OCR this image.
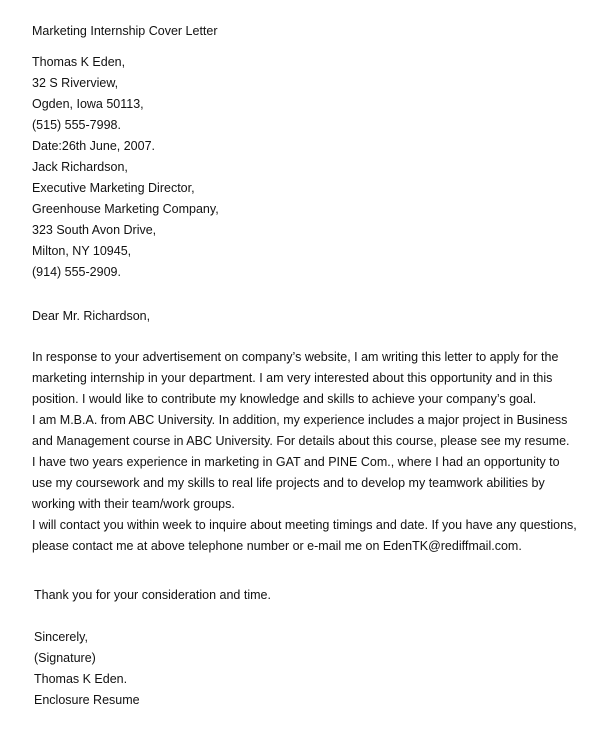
Marketing Internship Cover Letter
Thomas K Eden,
32 S Riverview,
Ogden, Iowa 50113,
(515) 555-7998.
Date:26th June, 2007.
Jack Richardson,
Executive Marketing Director,
Greenhouse Marketing Company,
323 South Avon Drive,
Milton, NY 10945,
(914) 555-2909.
Dear Mr. Richardson,
In response to your advertisement on company’s website, I am writing this letter to apply for the
marketing internship in your department. I am very interested about this opportunity and in this
position. I would like to contribute my knowledge and skills to achieve your company’s goal.
I am M.B.A. from ABC University. In addition, my experience includes a major project in Business
and Management course in ABC University. For details about this course, please see my resume.
I have two years experience in marketing in GAT and PINE Com., where I had an opportunity to
use my coursework and my skills to real life projects and to develop my teamwork abilities by
working with their team/work groups.
I will contact you within week to inquire about meeting timings and date. If you have any questions,
please contact me at above telephone number or e-mail me on EdenTK@rediffmail.com.
Thank you for your consideration and time.
Sincerely,
(Signature)
Thomas K Eden.
Enclosure Resume
